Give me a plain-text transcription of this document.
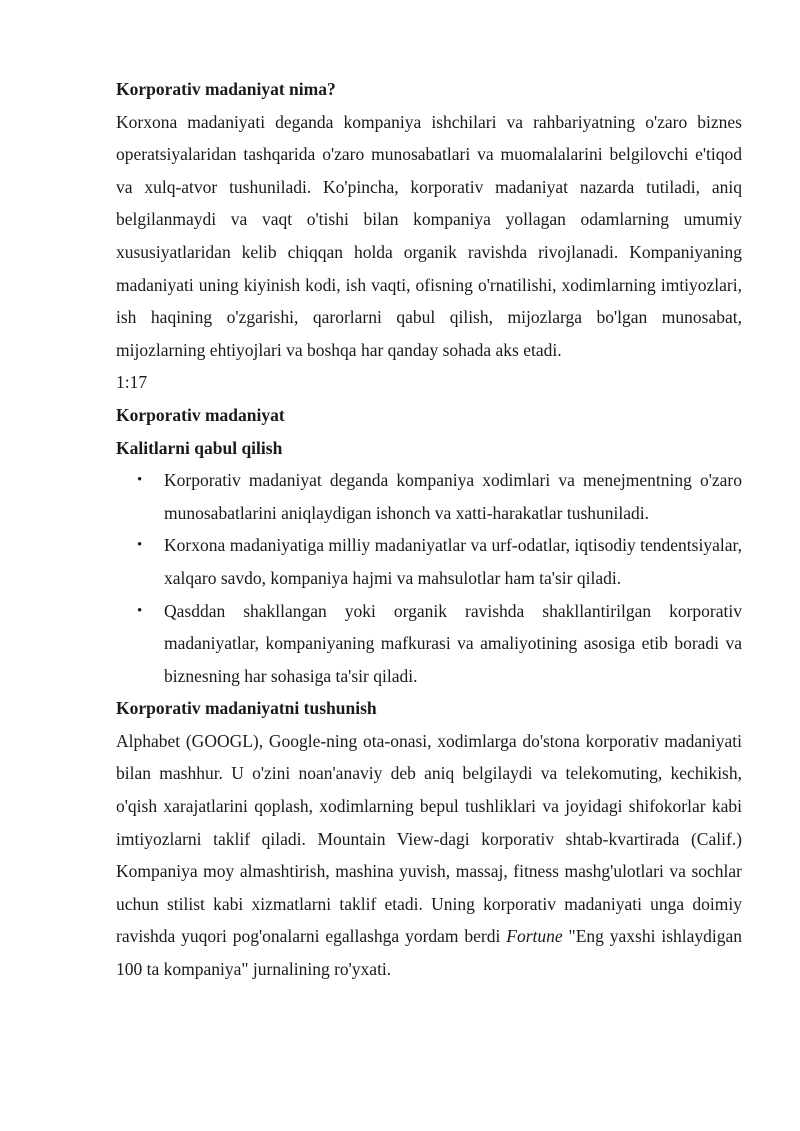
Korporativ madaniyat nima?

Korxona madaniyati deganda kompaniya ishchilari va rahbariyatning o'zaro biznes operatsiyalaridan tashqarida o'zaro munosabatlari va muomalalarini belgilovchi e'tiqod va xulq-atvor tushuniladi. Ko'pincha, korporativ madaniyat nazarda tutiladi, aniq belgilanmaydi va vaqt o'tishi bilan kompaniya yollagan odamlarning umumiy xususiyatlaridan kelib chiqqan holda organik ravishda rivojlanadi. Kompaniyaning madaniyati uning kiyinish kodi, ish vaqti, ofisning o'rnatilishi, xodimlarning imtiyozlari, ish haqining o'zgarishi, qarorlarni qabul qilish, mijozlarga bo'lgan munosabat, mijozlarning ehtiyojlari va boshqa har qanday sohada aks etadi.

1:17

Korporativ madaniyat

Kalitlarni qabul qilish

• Korporativ madaniyat deganda kompaniya xodimlari va menejmentning o'zaro munosabatlarini aniqlaydigan ishonch va xatti-harakatlar tushuniladi.
• Korxona madaniyatiga milliy madaniyatlar va urf-odatlar, iqtisodiy tendentsiyalar, xalqaro savdo, kompaniya hajmi va mahsulotlar ham ta'sir qiladi.
• Qasddan shakllangan yoki organik ravishda shakllantirilgan korporativ madaniyatlar, kompaniyaning mafkurasi va amaliyotining asosiga etib boradi va biznesning har sohasiga ta'sir qiladi.

Korporativ madaniyatni tushunish

Alphabet (GOOGL), Google-ning ota-onasi, xodimlarga do'stona korporativ madaniyati bilan mashhur. U o'zini noan'anaviy deb aniq belgilaydi va telekomuting, kechikish, o'qish xarajatlarini qoplash, xodimlarning bepul tushliklari va joyidagi shifokorlar kabi imtiyozlarni taklif qiladi. Mountain View-dagi korporativ shtab-kvartirada (Calif.) Kompaniya moy almashtirish, mashina yuvish, massaj, fitness mashg'ulotlari va sochlar uchun stilist kabi xizmatlarni taklif etadi. Uning korporativ madaniyati unga doimiy ravishda yuqori pog'onalarni egallashga yordam berdi Fortune "Eng yaxshi ishlaydigan 100 ta kompaniya" jurnalining ro'yxati.
